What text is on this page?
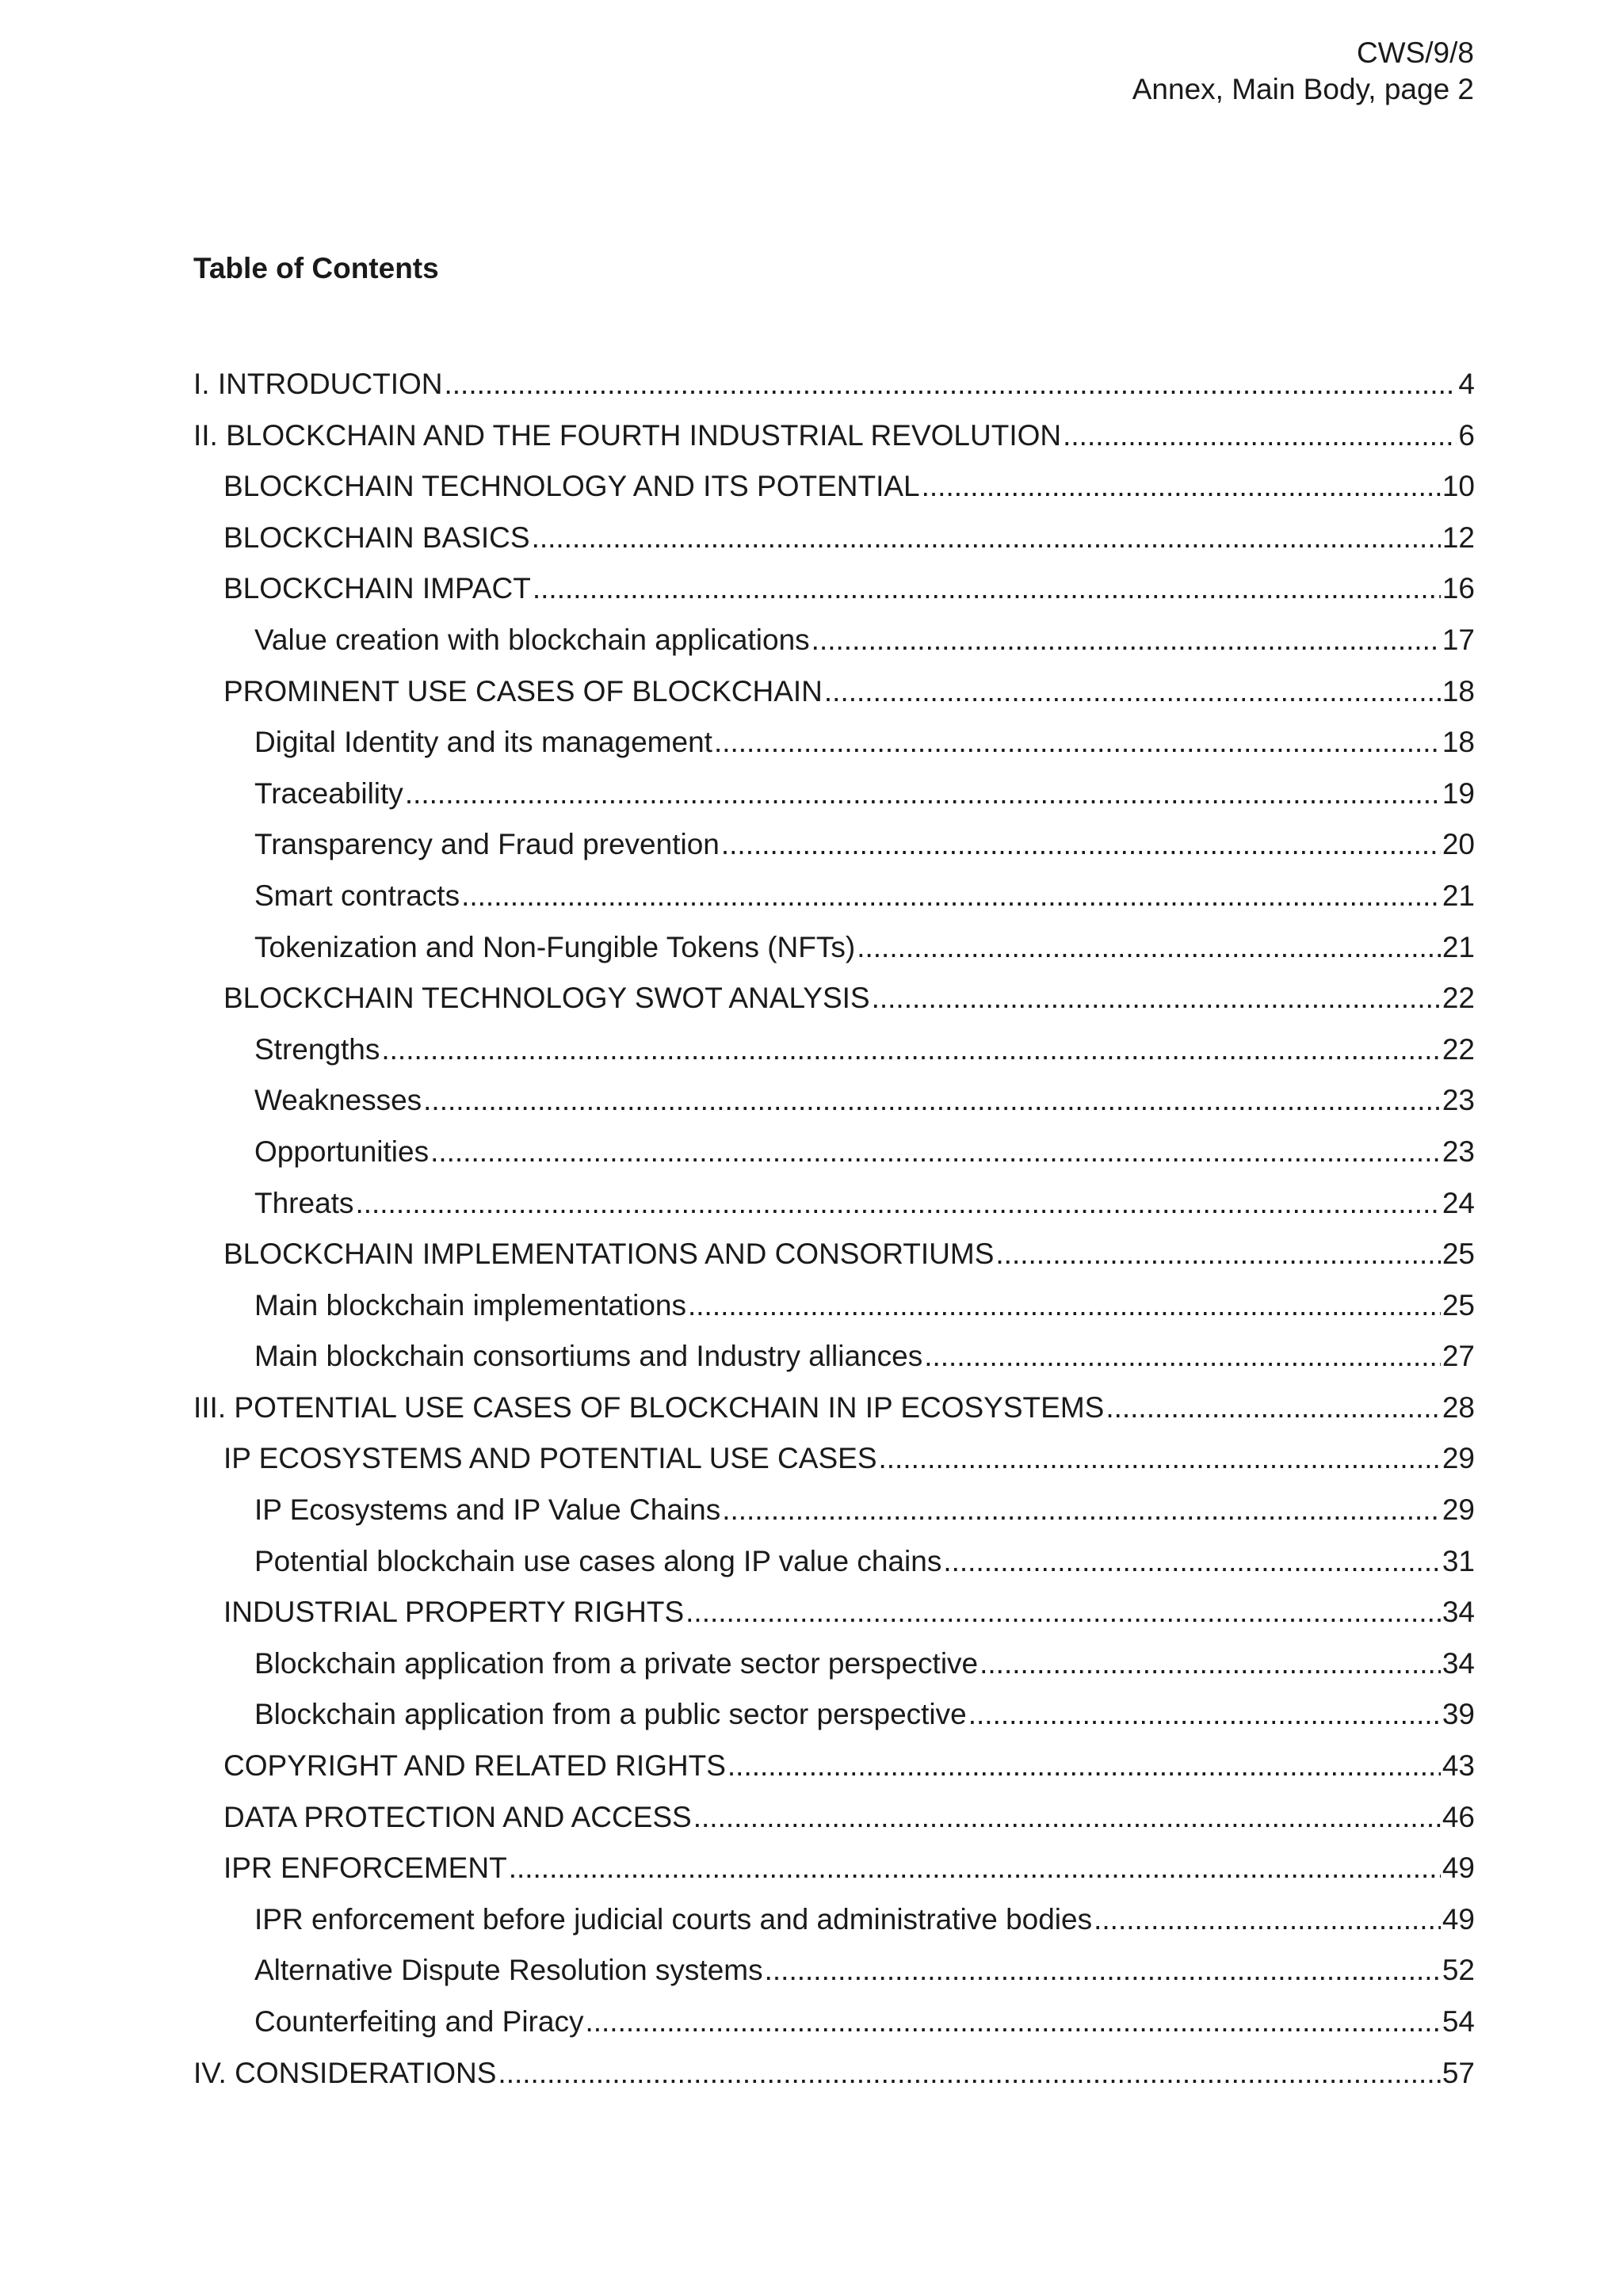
CWS/9/8
Annex, Main Body, page 2
Table of Contents
I. INTRODUCTION .....	4
II. BLOCKCHAIN AND THE FOURTH INDUSTRIAL REVOLUTION .....	6
BLOCKCHAIN TECHNOLOGY AND ITS POTENTIAL .....	10
BLOCKCHAIN BASICS .....	12
BLOCKCHAIN IMPACT .....	16
Value creation with blockchain applications .....	17
PROMINENT USE CASES OF BLOCKCHAIN .....	18
Digital Identity and its management .....	18
Traceability .....	19
Transparency and Fraud prevention .....	20
Smart contracts .....	21
Tokenization and Non-Fungible Tokens (NFTs) .....	21
BLOCKCHAIN TECHNOLOGY SWOT ANALYSIS .....	22
Strengths .....	22
Weaknesses .....	23
Opportunities .....	23
Threats .....	24
BLOCKCHAIN IMPLEMENTATIONS AND CONSORTIUMS .....	25
Main blockchain implementations .....	25
Main blockchain consortiums and Industry alliances .....	27
III. POTENTIAL USE CASES OF BLOCKCHAIN IN IP ECOSYSTEMS .....	28
IP ECOSYSTEMS AND POTENTIAL USE CASES .....	29
IP Ecosystems and IP Value Chains .....	29
Potential blockchain use cases along IP value chains .....	31
INDUSTRIAL PROPERTY RIGHTS .....	34
Blockchain application from a private sector perspective .....	34
Blockchain application from a public sector perspective .....	39
COPYRIGHT AND RELATED RIGHTS .....	43
DATA PROTECTION AND ACCESS .....	46
IPR ENFORCEMENT .....	49
IPR enforcement before judicial courts and administrative bodies .....	49
Alternative Dispute Resolution systems .....	52
Counterfeiting and Piracy .....	54
IV. CONSIDERATIONS .....	57
